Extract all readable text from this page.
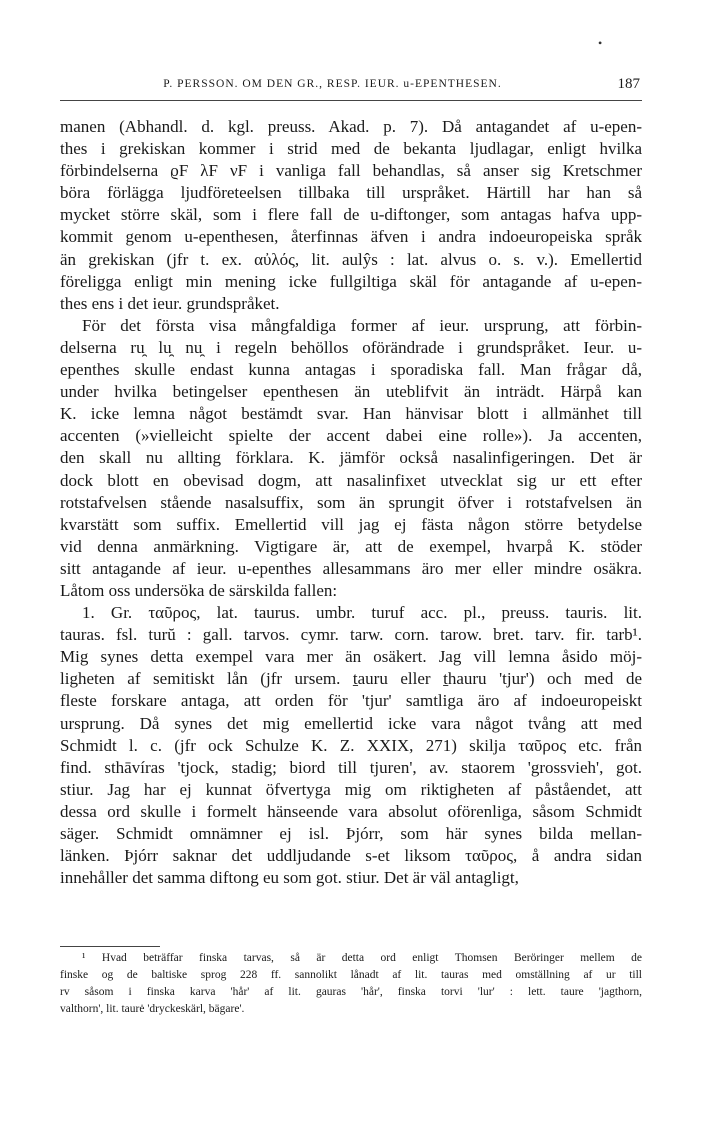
•
P. PERSSON. OM DEN GR., RESP. IEUR. u-EPENTHESEN.	187
manen (Abhandl. d. kgl. preuss. Akad. p. 7). Då antagandet af u-epen-
thes i grekiskan kommer i strid med de bekanta ljudlagar, enligt hvilka
förbindelserna ϱF λF νF i vanliga fall behandlas, så anser sig Kretschmer
böra förlägga ljudföreteelsen tillbaka till urspråket. Härtill har han så
mycket större skäl, som i flere fall de u-diftonger, som antagas hafva upp-
kommit genom u-epenthesen, återfinnas äfven i andra indoeuropeiska språk
än grekiskan (jfr t. ex. αὐλός, lit. aulŷs : lat. alvus o. s. v.). Emellertid
föreligga enligt min mening icke fullgiltiga skäl för antagande af u-epen-
thes ens i det ieur. grundspråket.
För det första visa mångfaldiga former af ieur. ursprung, att förbin-
delserna ru̯ lu̯ nu̯ i regeln behöllos oförändrade i grundspråket. Ieur. u-
epenthes skulle endast kunna antagas i sporadiska fall. Man frågar då,
under hvilka betingelser epenthesen än uteblifvit än inträdt. Härpå kan
K. icke lemna något bestämdt svar. Han hänvisar blott i allmänhet till
accenten (»vielleicht spielte der accent dabei eine rolle»). Ja accenten,
den skall nu allting förklara. K. jämför också nasalinfigeringen. Det är
dock blott en obevisad dogm, att nasalinfixet utvecklat sig ur ett efter
rotstafvelsen stående nasalsuffix, som än sprungit öfver i rotstafvelsen än
kvarstätt som suffix. Emellertid vill jag ej fästa någon större betydelse
vid denna anmärkning. Vigtigare är, att de exempel, hvarpå K. stöder
sitt antagande af ieur. u-epenthes allesammans äro mer eller mindre osäkra.
Låtom oss undersöka de särskilda fallen:
1. Gr. ταῦρος, lat. taurus. umbr. turuf acc. pl., preuss. tauris. lit.
tauras. fsl. turŭ : gall. tarvos. cymr. tarw. corn. tarow. bret. tarv. fir. tarb¹.
Mig synes detta exempel vara mer än osäkert. Jag vill lemna åsido möj-
ligheten af semitiskt lån (jfr ursem. ṯauru eller ṯhauru 'tjur') och med de
fleste forskare antaga, att orden för 'tjur' samtliga äro af indoeuropeiskt
ursprung. Då synes det mig emellertid icke vara något tvång att med
Schmidt l. c. (jfr ock Schulze K. Z. XXIX, 271) skilja ταῦρος etc. från
find. sthāvíras 'tjock, stadig; biord till tjuren', av. staorem 'grossvieh', got.
stiur. Jag har ej kunnat öfvertyga mig om riktigheten af påståendet, att
dessa ord skulle i formelt hänseende vara absolut oförenliga, såsom Schmidt
säger. Schmidt omnämner ej isl. Þjórr, som här synes bilda mellan-
länken. Þjórr saknar det uddljudande s-et liksom ταῦρος, å andra sidan
innehåller det samma diftong eu som got. stiur. Det är väl antagligt,
¹ Hvad beträffar finska tarvas, så är detta ord enligt Thomsen Beröringer mellem de
finske og de baltiske sprog 228 ff. sannolikt lånadt af lit. tauras med omställning af ur till
rv såsom i finska karva 'hår' af lit. gauras 'hår', finska torvi 'lur' : lett. taure 'jagthorn,
valthorn', lit. taurė 'dryckeskärl, bägare'.
